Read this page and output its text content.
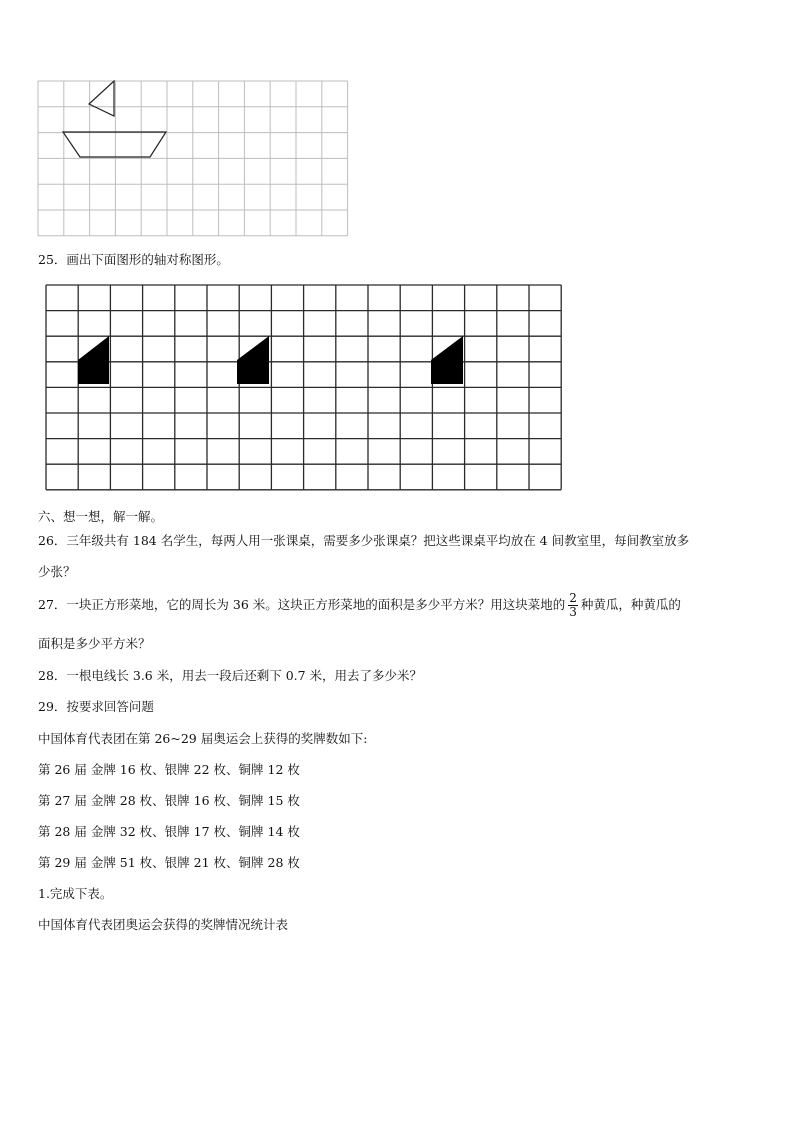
25．画出下面图形的轴对称图形。
六、想一想，解一解。
26．三年级共有 184 名学生，每两人用一张课桌，需要多少张课桌？把这些课桌平均放在 4 间教室里，每间教室放多
少张？
27．一块正方形菜地，它的周长为 36 米。这块正方形菜地的面积是多少平方米？用这块菜地的 $\frac{2}{3}$ 种黄瓜，种黄瓜的
面积是多少平方米？
28．一根电线长 3.6 米，用去一段后还剩下 0.7 米，用去了多少米？
29．按要求回答问题
中国体育代表团在第 26~29 届奥运会上获得的奖牌数如下:
第 26 届 金牌 16 枚、银牌 22 枚、铜牌 12 枚
第 27 届 金牌 28 枚、银牌 16 枚、铜牌 15 枚
第 28 届 金牌 32 枚、银牌 17 枚、铜牌 14 枚
第 29 届 金牌 51 枚、银牌 21 枚、铜牌 28 枚
1.完成下表。
中国体育代表团奥运会获得的奖牌情况统计表
